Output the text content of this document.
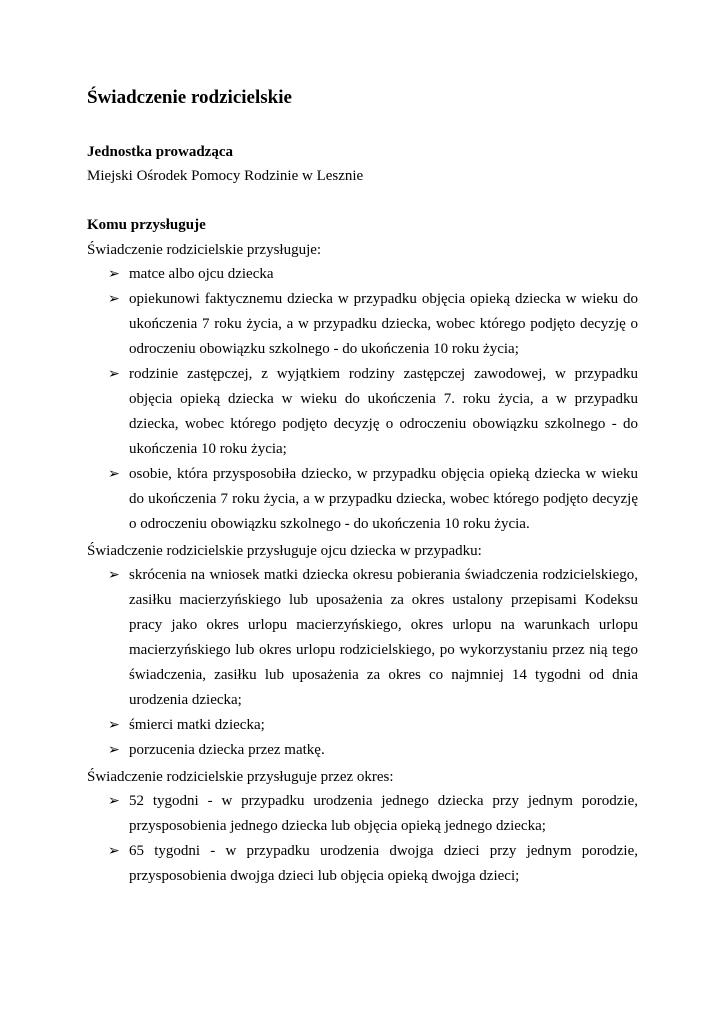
Świadczenie rodzicielskie
Jednostka prowadząca

Miejski Ośrodek Pomocy Rodzinie w Lesznie

Komu przysługuje

Świadczenie rodzicielskie przysługuje:

➢ matce albo ojcu dziecka
➢ opiekunowi faktycznemu dziecka w przypadku objęcia opieką dziecka w wieku do ukończenia 7 roku życia, a w przypadku dziecka, wobec którego podjęto decyzję o odroczeniu obowiązku szkolnego - do ukończenia 10 roku życia;
➢ rodzinie zastępczej, z wyjątkiem rodziny zastępczej zawodowej, w przypadku objęcia opieką dziecka w wieku do ukończenia 7. roku życia, a w przypadku dziecka, wobec którego podjęto decyzję o odroczeniu obowiązku szkolnego - do ukończenia 10 roku życia;
➢ osobie, która przysposobiła dziecko, w przypadku objęcia opieką dziecka w wieku do ukończenia 7 roku życia, a w przypadku dziecka, wobec którego podjęto decyzję o odroczeniu obowiązku szkolnego - do ukończenia 10 roku życia.

Świadczenie rodzicielskie przysługuje ojcu dziecka w przypadku:

➢ skrócenia na wniosek matki dziecka okresu pobierania świadczenia rodzicielskiego, zasiłku macierzyńskiego lub uposażenia za okres ustalony przepisami Kodeksu pracy jako okres urlopu macierzyńskiego, okres urlopu na warunkach urlopu macierzyńskiego lub okres urlopu rodzicielskiego, po wykorzystaniu przez nią tego świadczenia, zasiłku lub uposażenia za okres co najmniej 14 tygodni od dnia urodzenia dziecka;
➢ śmierci matki dziecka;
➢ porzucenia dziecka przez matkę.

Świadczenie rodzicielskie przysługuje przez okres:

➢ 52 tygodni - w przypadku urodzenia jednego dziecka przy jednym porodzie, przysposobienia jednego dziecka lub objęcia opieką jednego dziecka;
➢ 65 tygodni - w przypadku urodzenia dwojga dzieci przy jednym porodzie, przysposobienia dwojga dzieci lub objęcia opieką dwojga dzieci;
